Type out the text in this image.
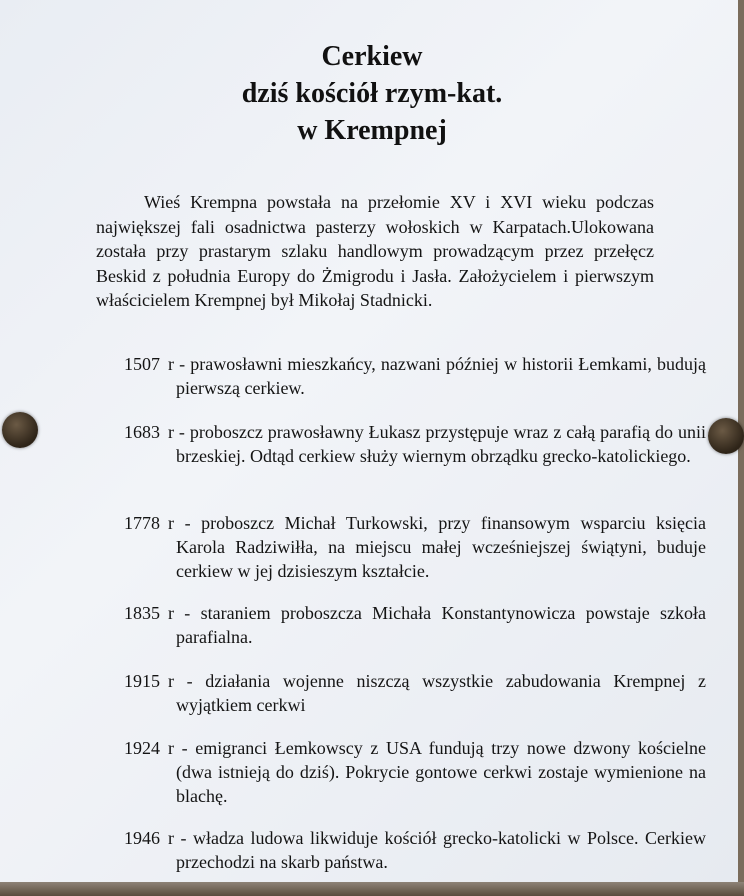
Cerkiew
dziś kościół rzym-kat.
w Krempnej

Wieś Krempna powstała na przełomie XV i XVI wieku podczas największej fali osadnictwa pasterzy wołoskich w Karpatach.Ulokowana została przy prastarym szlaku handlowym prowadzącym przez przełęcz Beskid z południa Europy do Żmigrodu i Jasła. Założycielem i pierwszym właścicielem Krempnej był Mikołaj Stadnicki.

1507 r - prawosławni mieszkańcy, nazwani później w historii Łemkami, budują pierwszą cerkiew.
1683 r - proboszcz prawosławny Łukasz przystępuje wraz z całą parafią do unii brzeskiej. Odtąd cerkiew służy wiernym obrządku grecko-katolickiego.
1778 r - proboszcz Michał Turkowski, przy finansowym wsparciu księcia Karola Radziwiłła, na miejscu małej wcześniejszej świątyni, buduje cerkiew w jej dzisieszym kształcie.
1835 r - staraniem proboszcza Michała Konstantynowicza powstaje szkoła parafialna.
1915 r - działania wojenne niszczą wszystkie zabudowania Krempnej z wyjątkiem cerkwi
1924 r - emigranci Łemkowscy z USA fundują trzy nowe dzwony kościelne (dwa istnieją do dziś). Pokrycie gontowe cerkwi zostaje wymienione na blachę.
1946 r - władza ludowa likwiduje kościół grecko-katolicki w Polsce. Cerkiew przechodzi na skarb państwa.
